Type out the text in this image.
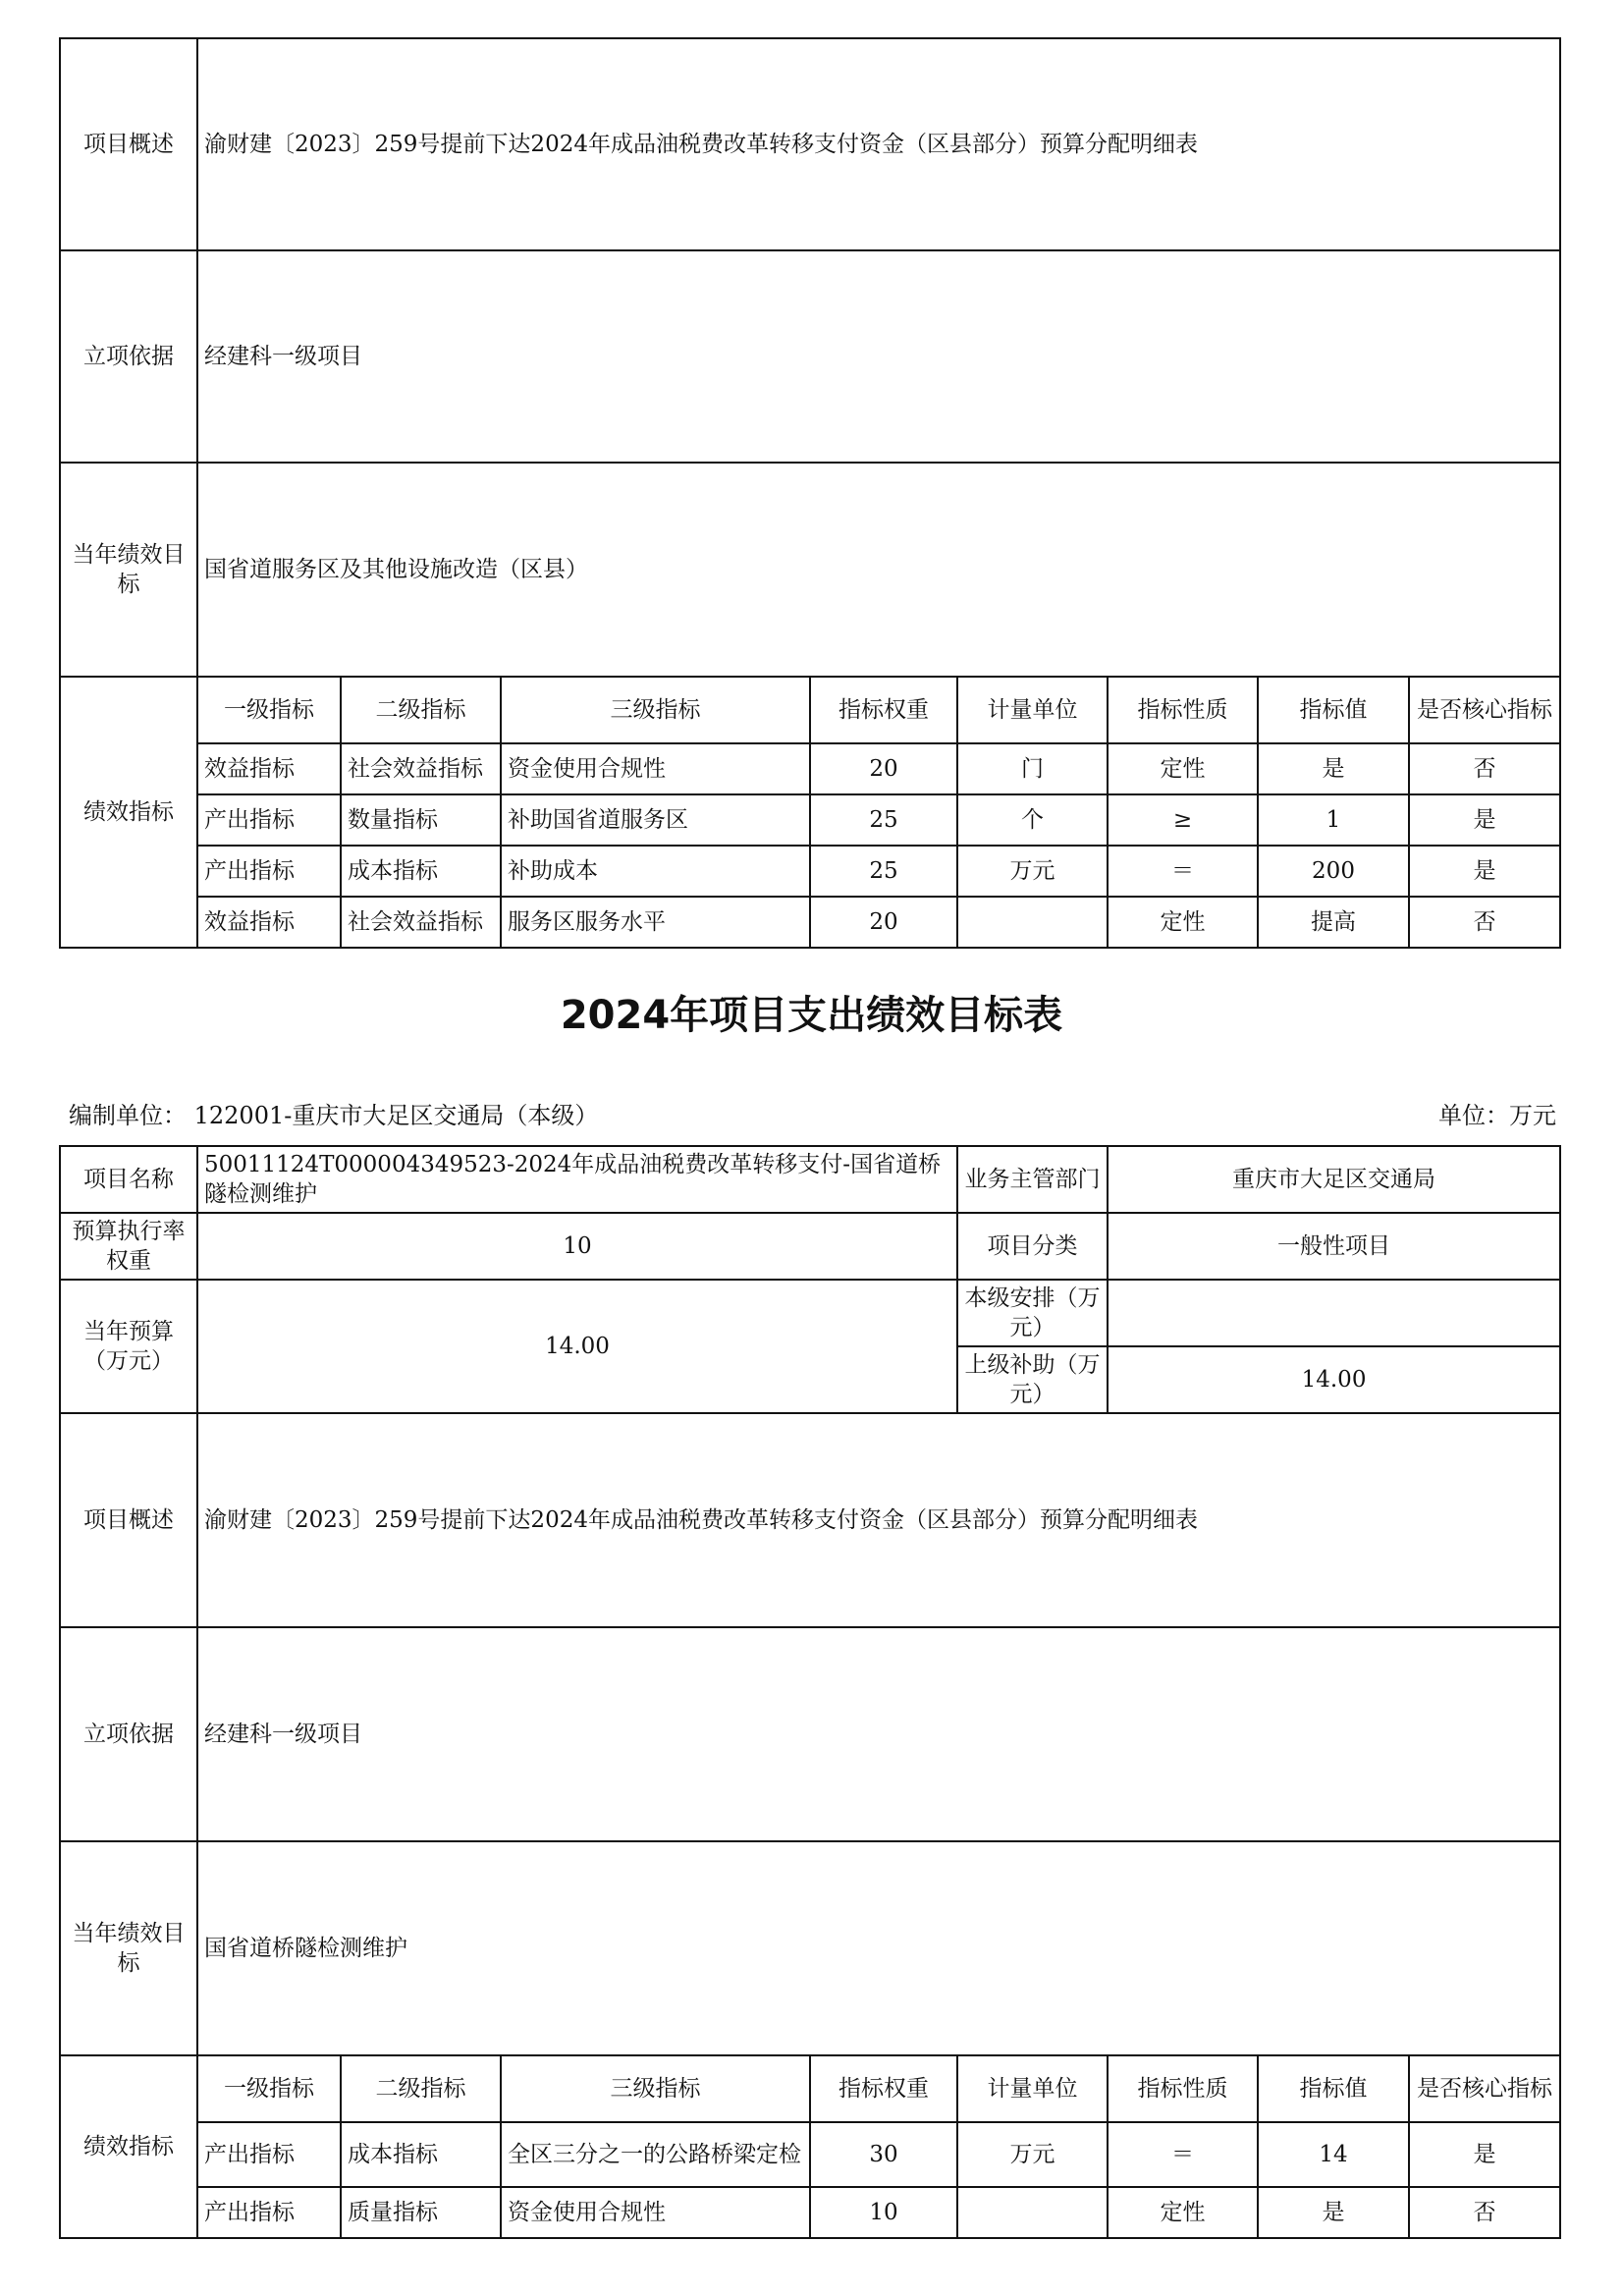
项目概述	渝财建〔2023〕259号提前下达2024年成品油税费改革转移支付资金（区县部分）预算分配明细表							
立项依据	经建科一级项目							
当年绩效目标	国省道服务区及其他设施改造（区县）							
绩效指标	一级指标	二级指标	三级指标	指标权重	计量单位	指标性质	指标值	是否核心指标
	效益指标	社会效益指标	资金使用合规性	20	门	定性	是	否
	产出指标	数量指标	补助国省道服务区	25	个	≥	1	是
	产出指标	成本指标	补助成本	25	万元	＝	200	是
	效益指标	社会效益指标	服务区服务水平	20		定性	提高	否
2024年项目支出绩效目标表
编制单位： 122001-重庆市大足区交通局（本级）	单位：万元
项目名称	50011124T000004349523-2024年成品油税费改革转移支付-国省道桥隧检测维护				业务主管部门	重庆市大足区交通局		
预算执行率权重	10				项目分类	一般性项目		
当年预算（万元）	14.00				本级安排（万元）			
					上级补助（万元）	14.00		
项目概述	渝财建〔2023〕259号提前下达2024年成品油税费改革转移支付资金（区县部分）预算分配明细表							
立项依据	经建科一级项目							
当年绩效目标	国省道桥隧检测维护							
绩效指标	一级指标	二级指标	三级指标	指标权重	计量单位	指标性质	指标值	是否核心指标
	产出指标	成本指标	全区三分之一的公路桥梁定检	30	万元	＝	14	是
	产出指标	质量指标	资金使用合规性	10		定性	是	否
